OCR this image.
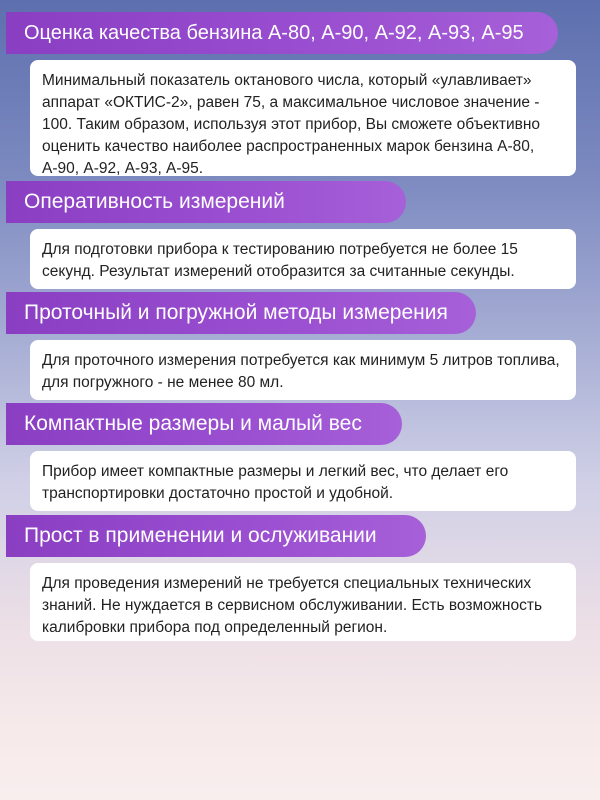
Оценка качества бензина А-80, А-90, А-92, А-93, А-95
Минимальный показатель октанового числа, который «улавливает» аппарат «ОКТИС-2», равен 75, а максимальное числовое значение - 100. Таким образом, используя этот прибор, Вы сможете объективно оценить качество наиболее распространенных марок бензина А-80, А-90, А-92, А-93, А-95.
Оперативность измерений
Для подготовки прибора к тестированию потребуется не более 15 секунд. Результат измерений отобразится за считанные секунды.
Проточный и погружной методы измерения
Для проточного измерения потребуется как минимум 5 литров топлива, для погружного - не менее 80 мл.
Компактные размеры и малый вес
Прибор имеет компактные размеры и легкий вес, что делает его транспортировки достаточно простой и удобной.
Прост в применении и ослуживании
Для проведения измерений не требуется специальных технических знаний. Не нуждается в сервисном обслуживании. Есть возможность калибровки прибора под определенный регион.
